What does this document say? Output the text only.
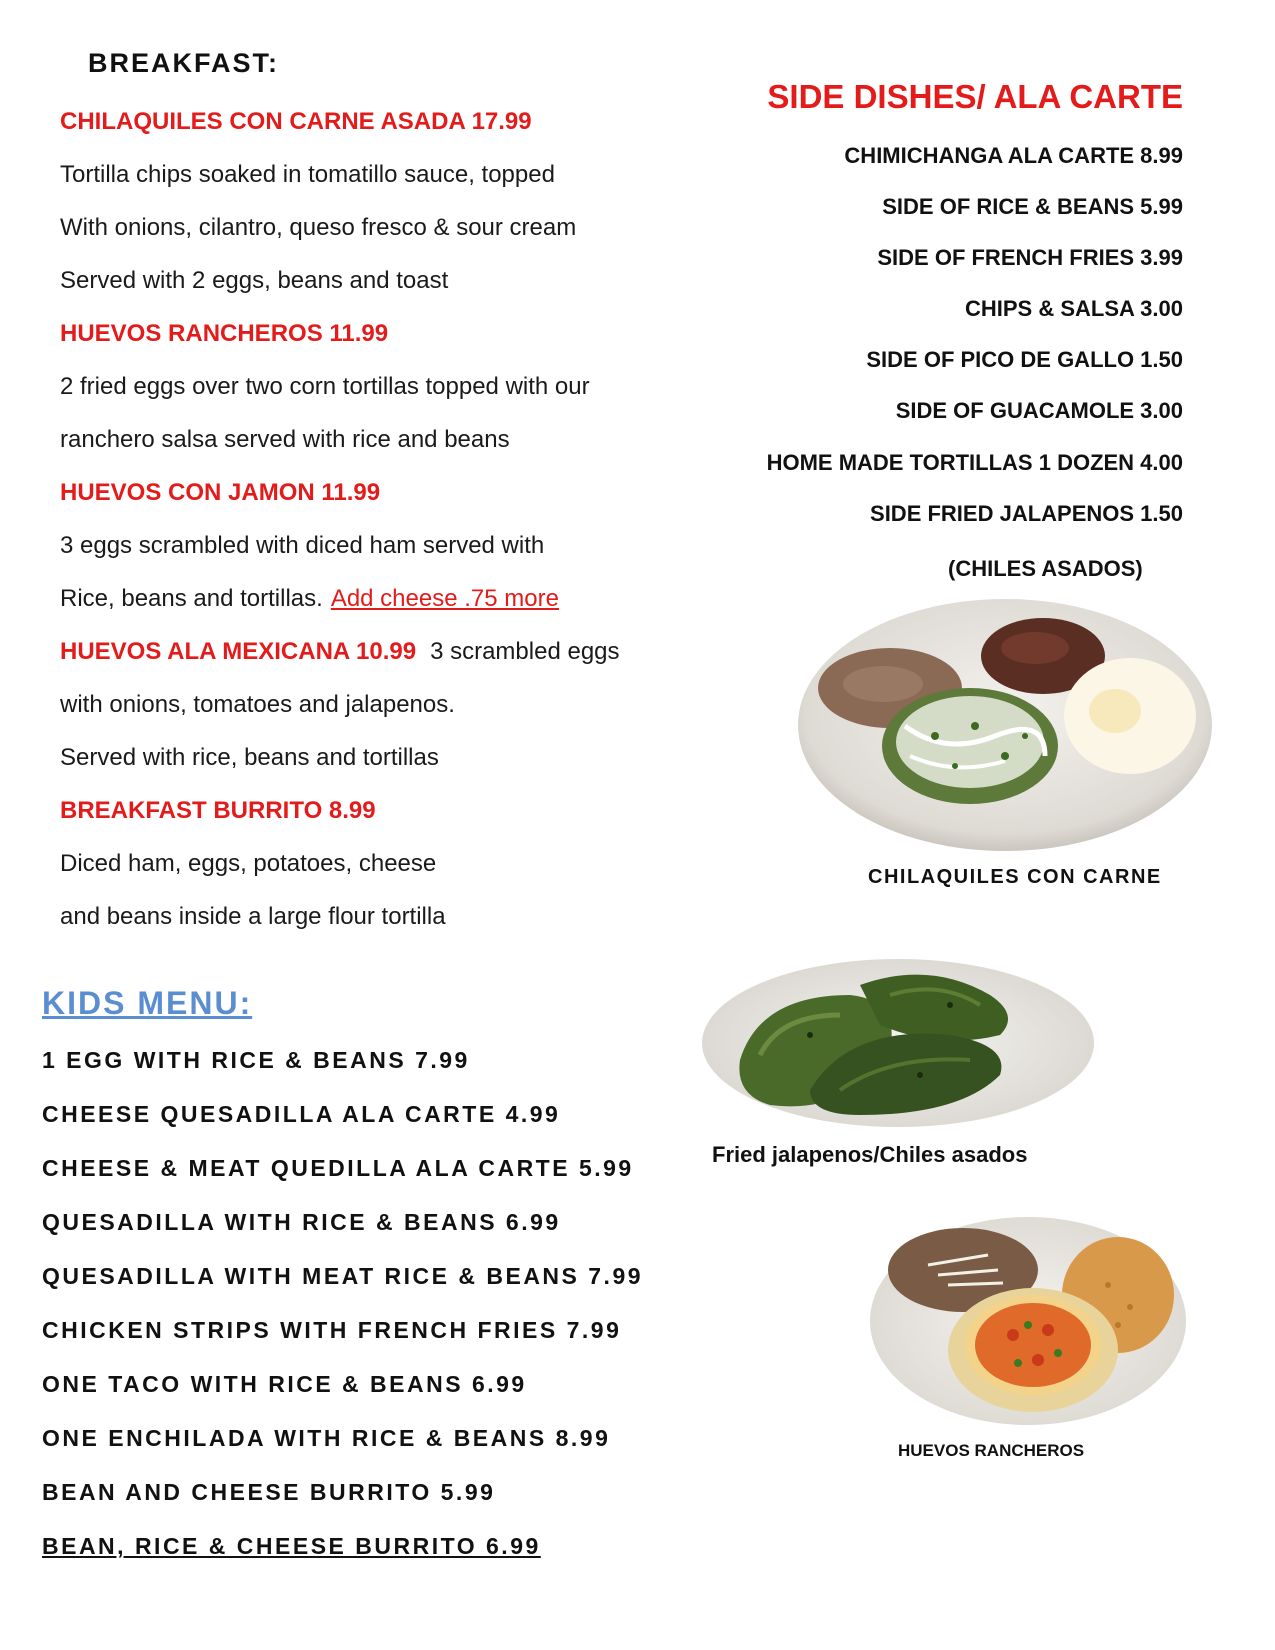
BREAKFAST:
CHILAQUILES CON CARNE ASADA 17.99
Tortilla chips soaked in tomatillo sauce, topped
With onions, cilantro, queso fresco & sour cream
Served with 2 eggs, beans and toast
HUEVOS RANCHEROS 11.99
2 fried eggs over two corn tortillas topped with our
ranchero salsa served with rice and beans
HUEVOS CON JAMON 11.99
3 eggs scrambled with diced ham served with
Rice, beans and tortillas. Add cheese .75 more
HUEVOS ALA MEXICANA 10.99 3 scrambled eggs
with onions, tomatoes and jalapenos.
Served with rice, beans and tortillas
BREAKFAST BURRITO 8.99
Diced ham, eggs, potatoes, cheese
and beans inside a large flour tortilla
KIDS MENU:
1 EGG WITH RICE & BEANS 7.99
CHEESE QUESADILLA ALA CARTE 4.99
CHEESE & MEAT QUEDILLA ALA CARTE 5.99
QUESADILLA WITH RICE & BEANS 6.99
QUESADILLA WITH MEAT RICE & BEANS 7.99
CHICKEN STRIPS WITH FRENCH FRIES 7.99
ONE TACO WITH RICE & BEANS 6.99
ONE ENCHILADA WITH RICE & BEANS 8.99
BEAN AND CHEESE BURRITO 5.99
BEAN, RICE & CHEESE BURRITO 6.99
SIDE DISHES/ ALA CARTE
CHIMICHANGA ALA CARTE 8.99
SIDE OF RICE & BEANS 5.99
SIDE OF FRENCH FRIES 3.99
CHIPS & SALSA 3.00
SIDE OF PICO DE GALLO 1.50
SIDE OF GUACAMOLE 3.00
HOME MADE TORTILLAS 1 DOZEN 4.00
SIDE FRIED JALAPENOS 1.50
(CHILES ASADOS)
CHILAQUILES CON CARNE
Fried jalapenos/Chiles asados
HUEVOS RANCHEROS
